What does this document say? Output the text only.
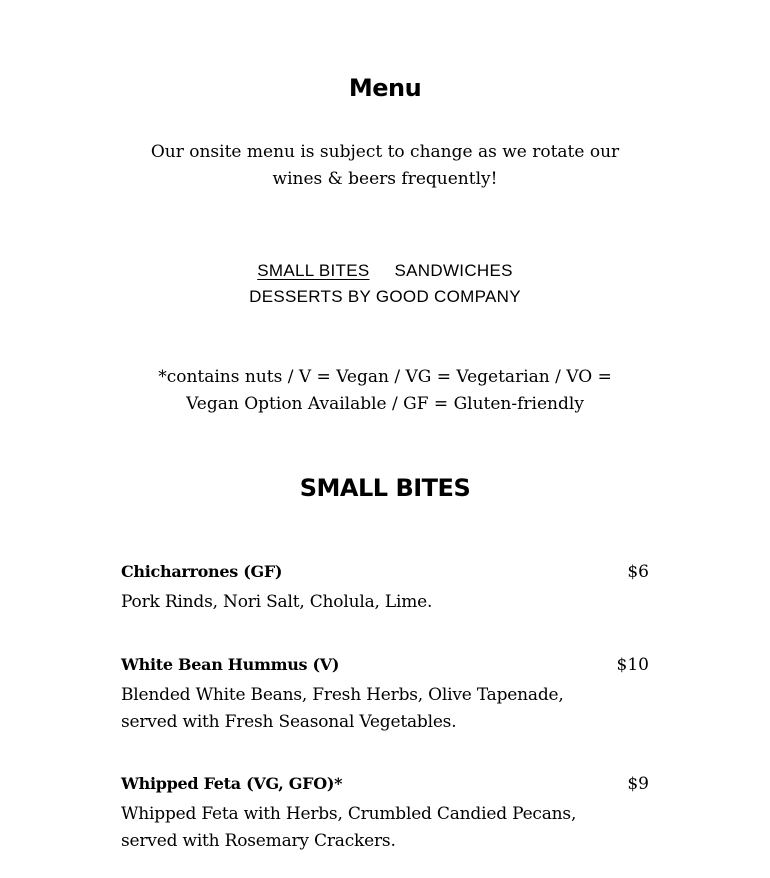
Menu

Our onsite menu is subject to change as we rotate our wines & beers frequently!

SMALL BITES SANDWICHES
DESSERTS BY GOOD COMPANY

*contains nuts / V = Vegan / VG = Vegetarian / VO = Vegan Option Available / GF = Gluten-friendly

SMALL BITES
Chicharrones (GF)	$6
Pork Rinds, Nori Salt, Cholula, Lime.
White Bean Hummus (V)	$10
Blended White Beans, Fresh Herbs, Olive Tapenade, served with Fresh Seasonal Vegetables.
Whipped Feta (VG, GFO)*	$9
Whipped Feta with Herbs, Crumbled Candied Pecans, served with Rosemary Crackers.
